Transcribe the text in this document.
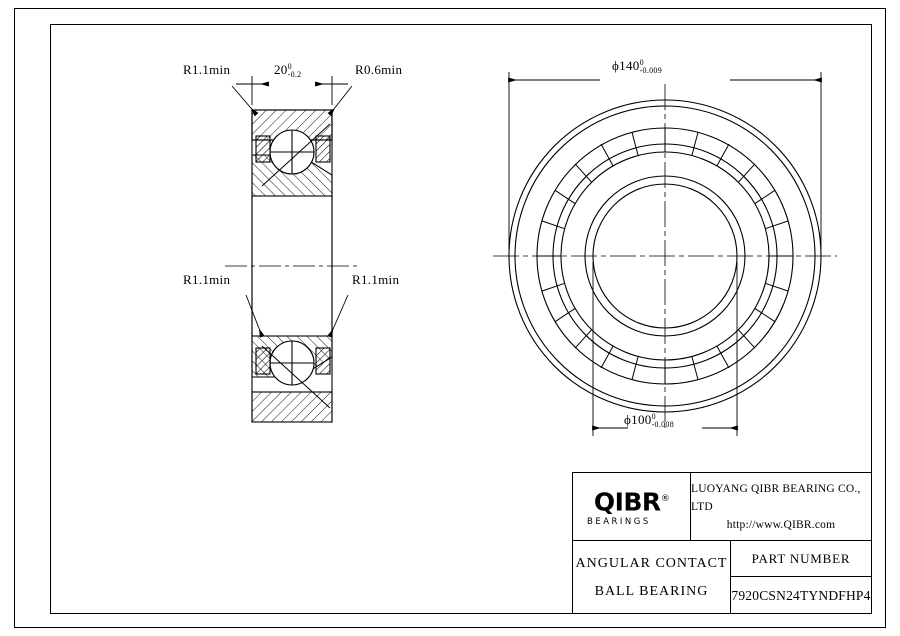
R1.1min	20 0
-0.2	R0.6min
R1.1min	R1.1min
ϕ140 0
-0.009
ϕ100 0
-0.008
QIBR®
BEARINGS
LUOYANG QIBR BEARING CO., LTD
http://www.QIBR.com
ANGULAR CONTACT
BALL BEARING
PART NUMBER
7920CSN24TYNDFHP4
